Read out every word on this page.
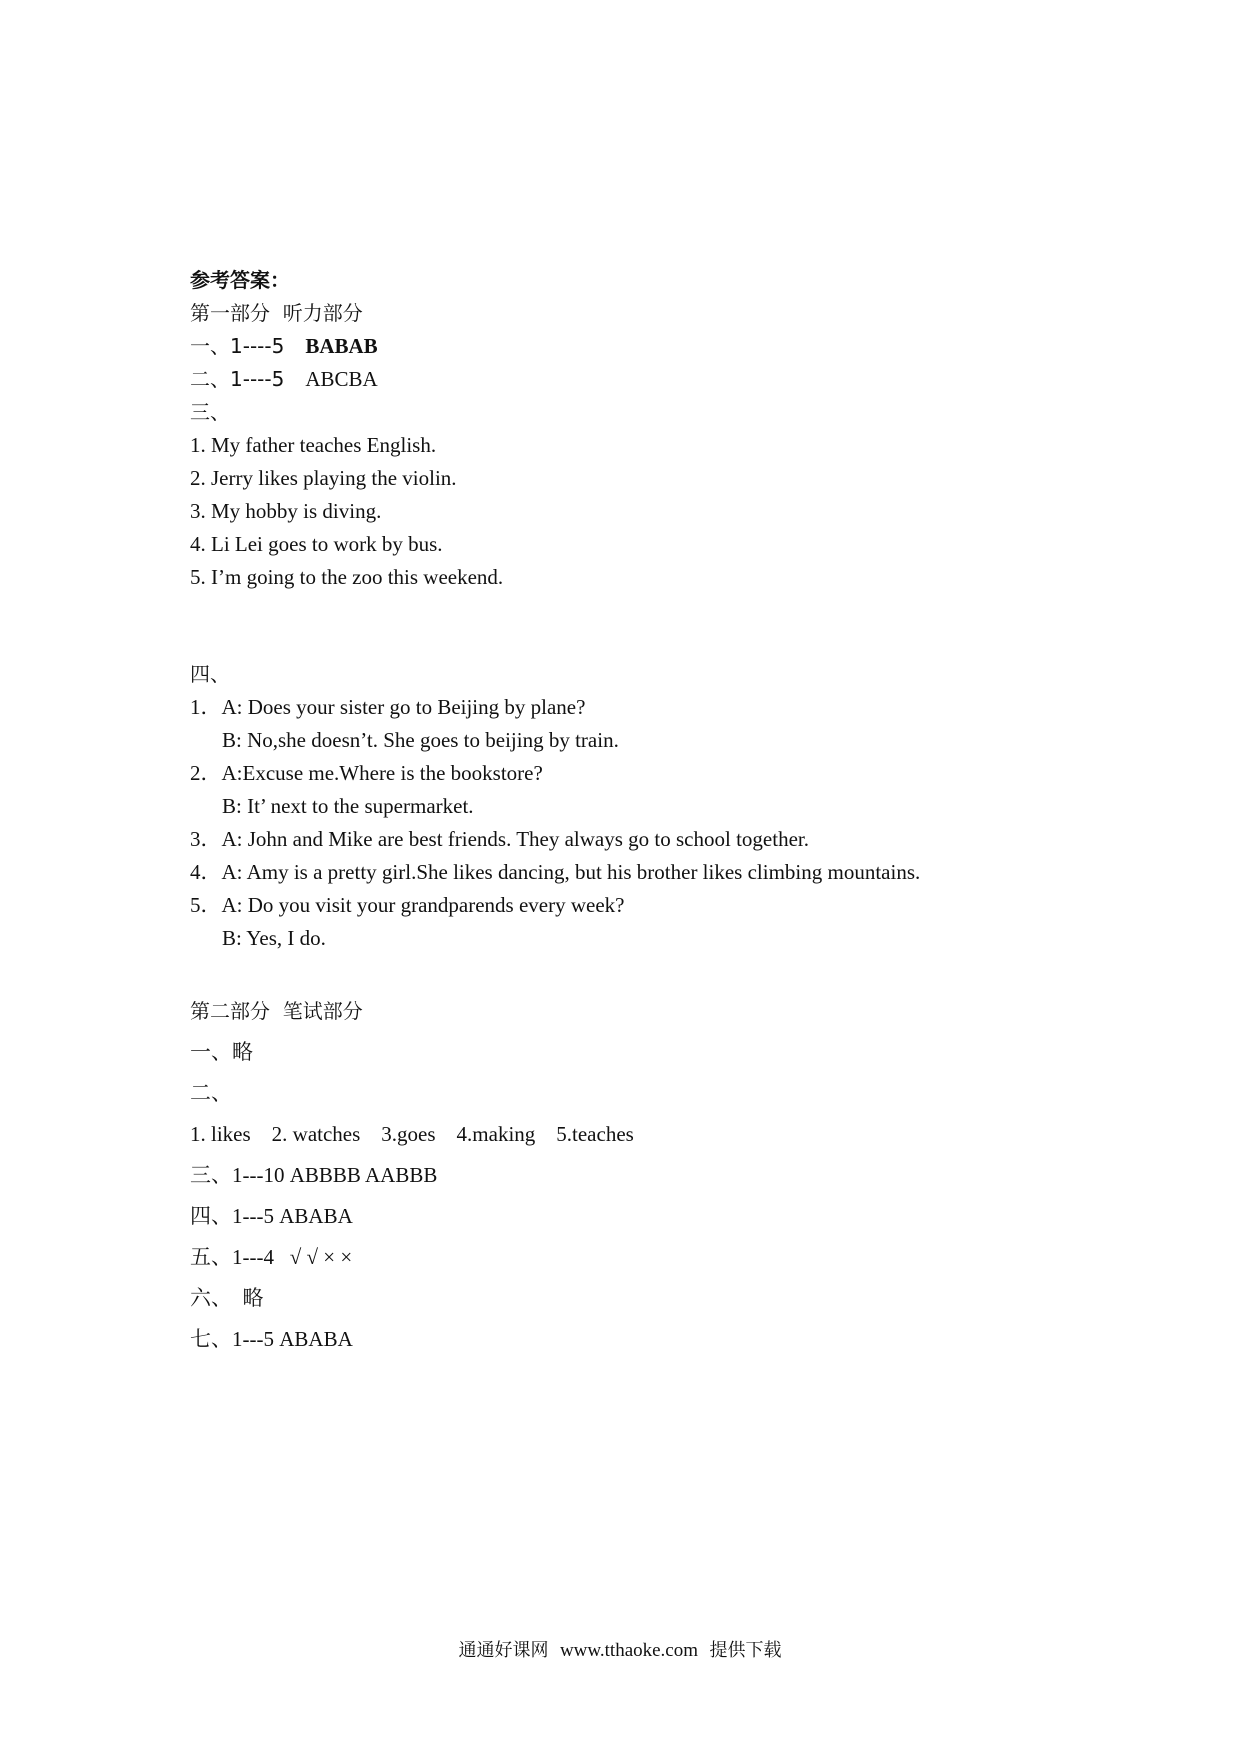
参考答案：
第一部分  听力部分
一、1----5 BABAB
二、1----5 ABCBA
三、
1. My father teaches English.
2. Jerry likes playing the violin.
3. My hobby is diving.
4. Li Lei goes to work by bus.
5. I’m going to the zoo this weekend.
四、
1．A: Does your sister go to Beijing by plane?
B: No,she doesn’t. She goes to beijing by train.
2．A:Excuse me.Where is the bookstore?
B: It’ next to the supermarket.
3．A: John and Mike are best friends. They always go to school together.
4．A: Amy is a pretty girl.She likes dancing, but his brother likes climbing mountains.
5．A: Do you visit your grandparends every week?
B: Yes, I do.
第二部分  笔试部分
一、略
二、
1. likes    2. watches    3.goes    4.making    5.teaches
三、1---10 ABBBB AABBB
四、1---5 ABABA
五、1---4   √ √ × ×
六、  略
七、1---5 ABABA
通通好课网 www.tthaoke.com 提供下载
